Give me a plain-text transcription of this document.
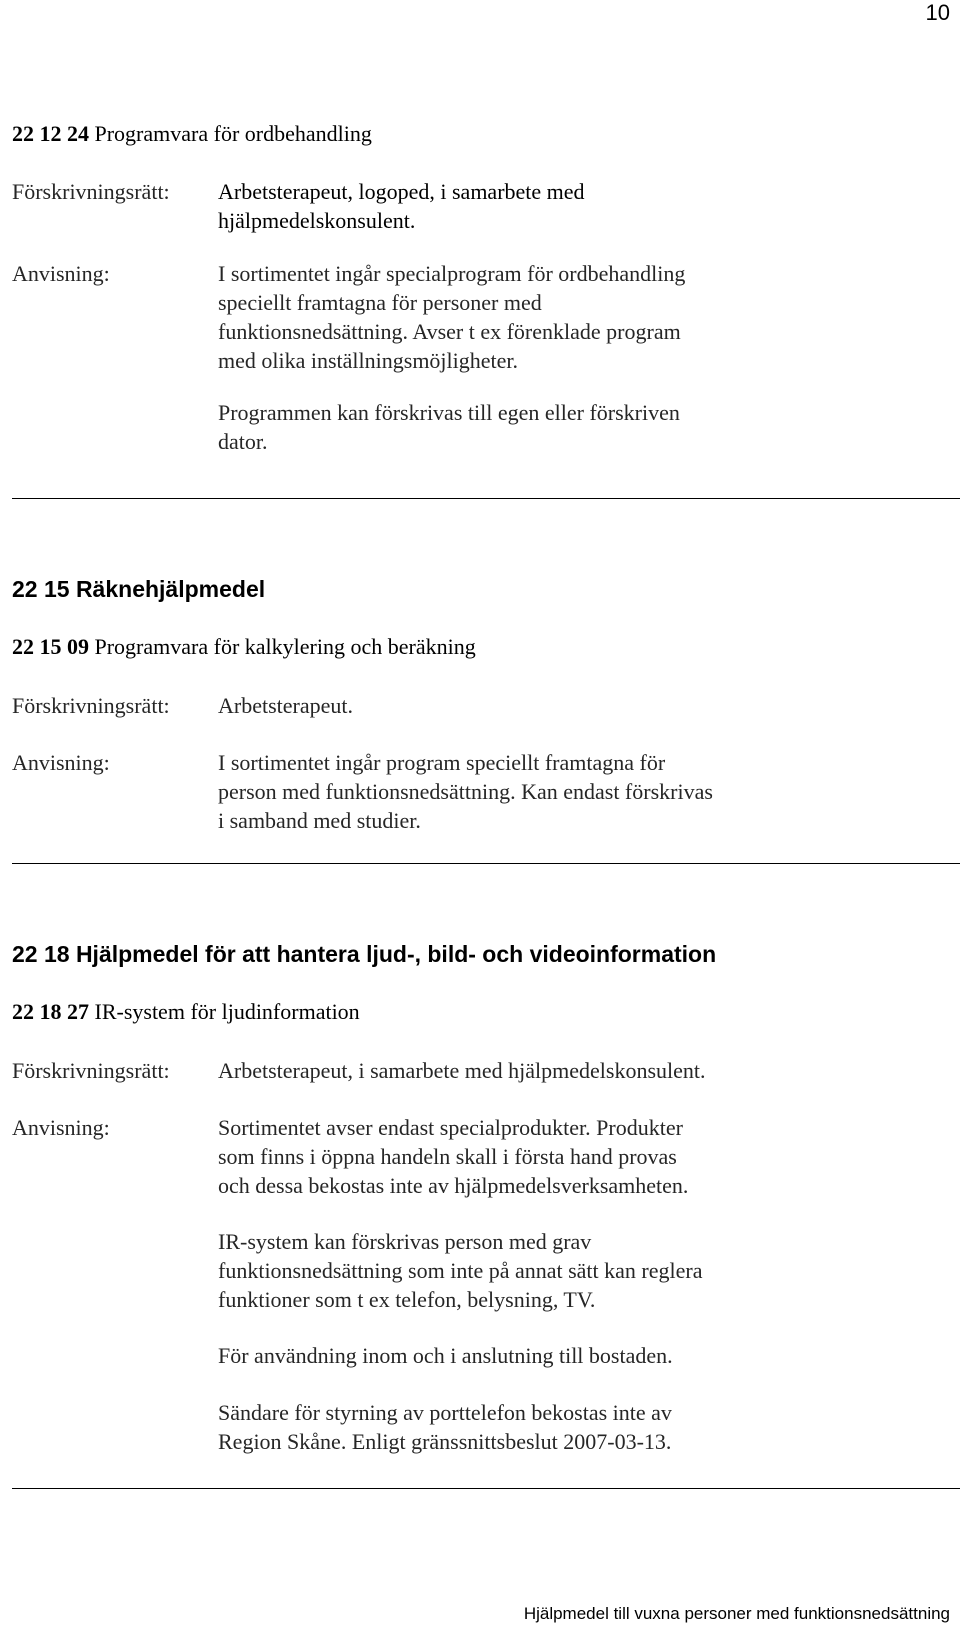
10
22 12 24 Programvara för ordbehandling
Förskrivningsrätt: Arbetsterapeut, logoped, i samarbete med
hjälpmedelskonsulent.
Anvisning:	I sortimentet ingår specialprogram för ordbehandling
speciellt framtagna för personer med
funktionsnedsättning. Avser t ex förenklade program
med olika inställningsmöjligheter.
Programmen kan förskrivas till egen eller förskriven
dator.
22 15 Räknehjälpmedel
22 15 09 Programvara för kalkylering och beräkning
Förskrivningsrätt: Arbetsterapeut.
Anvisning:	I sortimentet ingår program speciellt framtagna för
person med funktionsnedsättning. Kan endast förskrivas
i samband med studier.
22 18 Hjälpmedel för att hantera ljud-, bild- och videoinformation
22 18 27 IR-system för ljudinformation
Förskrivningsrätt: Arbetsterapeut, i samarbete med hjälpmedelskonsulent.
Anvisning:	Sortimentet avser endast specialprodukter. Produkter
som finns i öppna handeln skall i första hand provas
och dessa bekostas inte av hjälpmedelsverksamheten.
IR-system kan förskrivas person med grav
funktionsnedsättning som inte på annat sätt kan reglera
funktioner som t ex telefon, belysning, TV.
För användning inom och i anslutning till bostaden.
Sändare för styrning av porttelefon bekostas inte av
Region Skåne. Enligt gränssnittsbeslut 2007-03-13.
Hjälpmedel till vuxna personer med funktionsnedsättning
